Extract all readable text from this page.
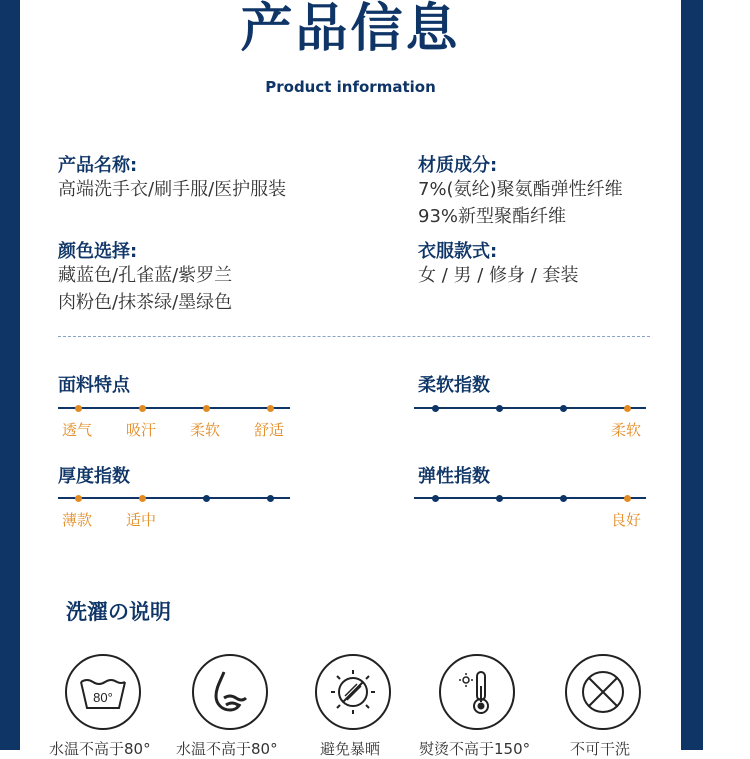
产品信息
Product information
产品名称:
高端洗手衣/刷手服/医护服装
材质成分:
7%(氨纶)聚氨酯弹性纤维
93%新型聚酯纤维
颜色选择:
藏蓝色/孔雀蓝/紫罗兰
肉粉色/抹茶绿/墨绿色
衣服款式:
女 / 男 / 修身 / 套装
面料特点
透气 吸汗 柔软 舒适
柔软指数
柔软
厚度指数
薄款 适中
弹性指数
良好
洗濯の说明
80°
水温不高于80° 水温不高于80°	避免暴晒	熨烫不高于150°	不可干洗
